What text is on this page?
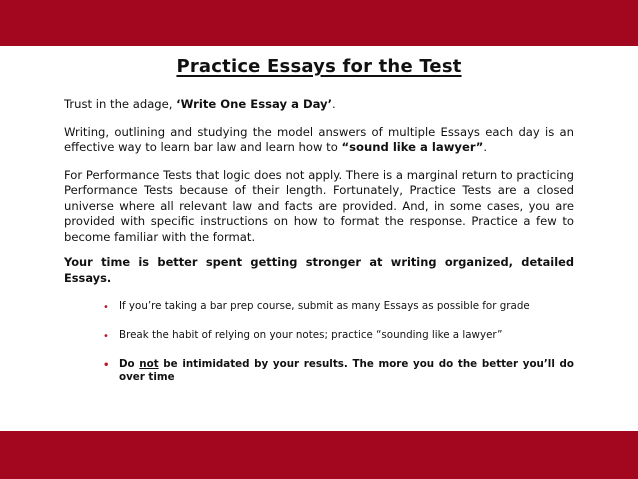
Practice Essays for the Test

Trust in the adage, ‘Write One Essay a Day’.

Writing, outlining and studying the model answers of multiple Essays each day is an effective way to learn bar law and learn how to “sound like a lawyer”.

For Performance Tests that logic does not apply. There is a marginal return to practicing Performance Tests because of their length. Fortunately, Practice Tests are a closed universe where all relevant law and facts are provided. And, in some cases, you are provided with specific instructions on how to format the response. Practice a few to become familiar with the format.

Your time is better spent getting stronger at writing organized, detailed Essays.

• If you’re taking a bar prep course, submit as many Essays as possible for grade
• Break the habit of relying on your notes; practice “sounding like a lawyer”
• Do not be intimidated by your results. The more you do the better you’ll do over time
